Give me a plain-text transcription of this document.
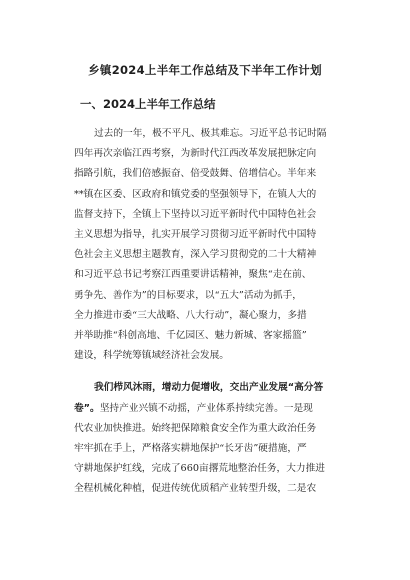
乡镇2024上半年工作总结及下半年工作计划
一、2024上半年工作总结
过去的一年，极不平凡、极其难忘。习近平总书记时隔
四年再次亲临江西考察，为新时代江西改革发展把脉定向
指路引航，我们倍感振奋、倍受鼓舞、倍增信心。半年来
**镇在区委、区政府和镇党委的坚强领导下，在镇人大的
监督支持下，全镇上下坚持以习近平新时代中国特色社会
主义思想为指导，扎实开展学习贯彻习近平新时代中国特
色社会主义思想主题教育，深入学习贯彻党的二十大精神
和习近平总书记考察江西重要讲话精神，聚焦“走在前、
勇争先、善作为”的目标要求，以“五大”活动为抓手，
全力推进市委“三大战略、八大行动”，凝心聚力，多措
并举助推“科创高地、千亿园区、魅力新城、客家摇篮”
建设，科学统筹镇域经济社会发展。
我们栉风沐雨，增动力促增收，交出产业发展“高分答
卷”。坚持产业兴镇不动摇，产业体系持续完善。一是现
代农业加快推进。始终把保障粮食安全作为重大政治任务
牢牢抓在手上，严格落实耕地保护“长牙齿”硬措施，严
守耕地保护红线，完成了660亩撂荒地整治任务，大力推进
全程机械化种植，促进传统优质稻产业转型升级，二是农
